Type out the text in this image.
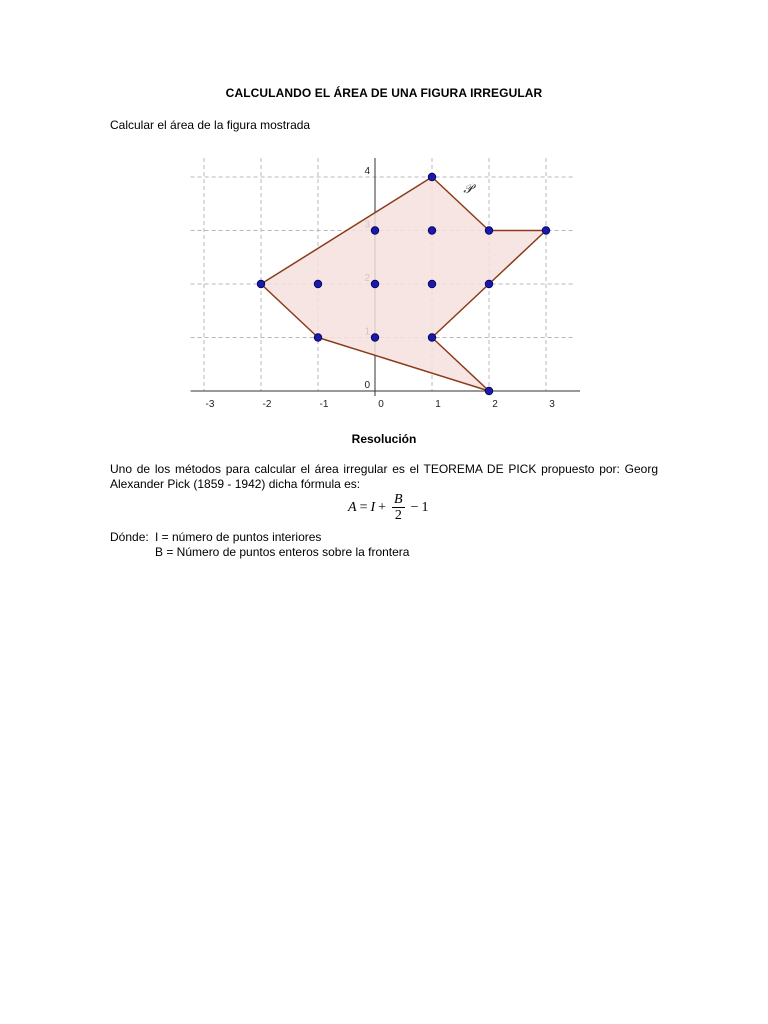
CALCULANDO EL ÁREA DE UNA FIGURA IRREGULAR
Calcular el área de la figura mostrada
-3	-2	-1	0	1	2	3
0
4
𝒫
Resolución
Uno de los métodos para calcular el área irregular es el TEOREMA DE PICK propuesto por: Georg Alexander Pick (1859 - 1942) dicha fórmula es:
$A = I + \frac{B}{2} - 1$
Dónde: I = número de puntos interiores
B = Número de puntos enteros sobre la frontera
